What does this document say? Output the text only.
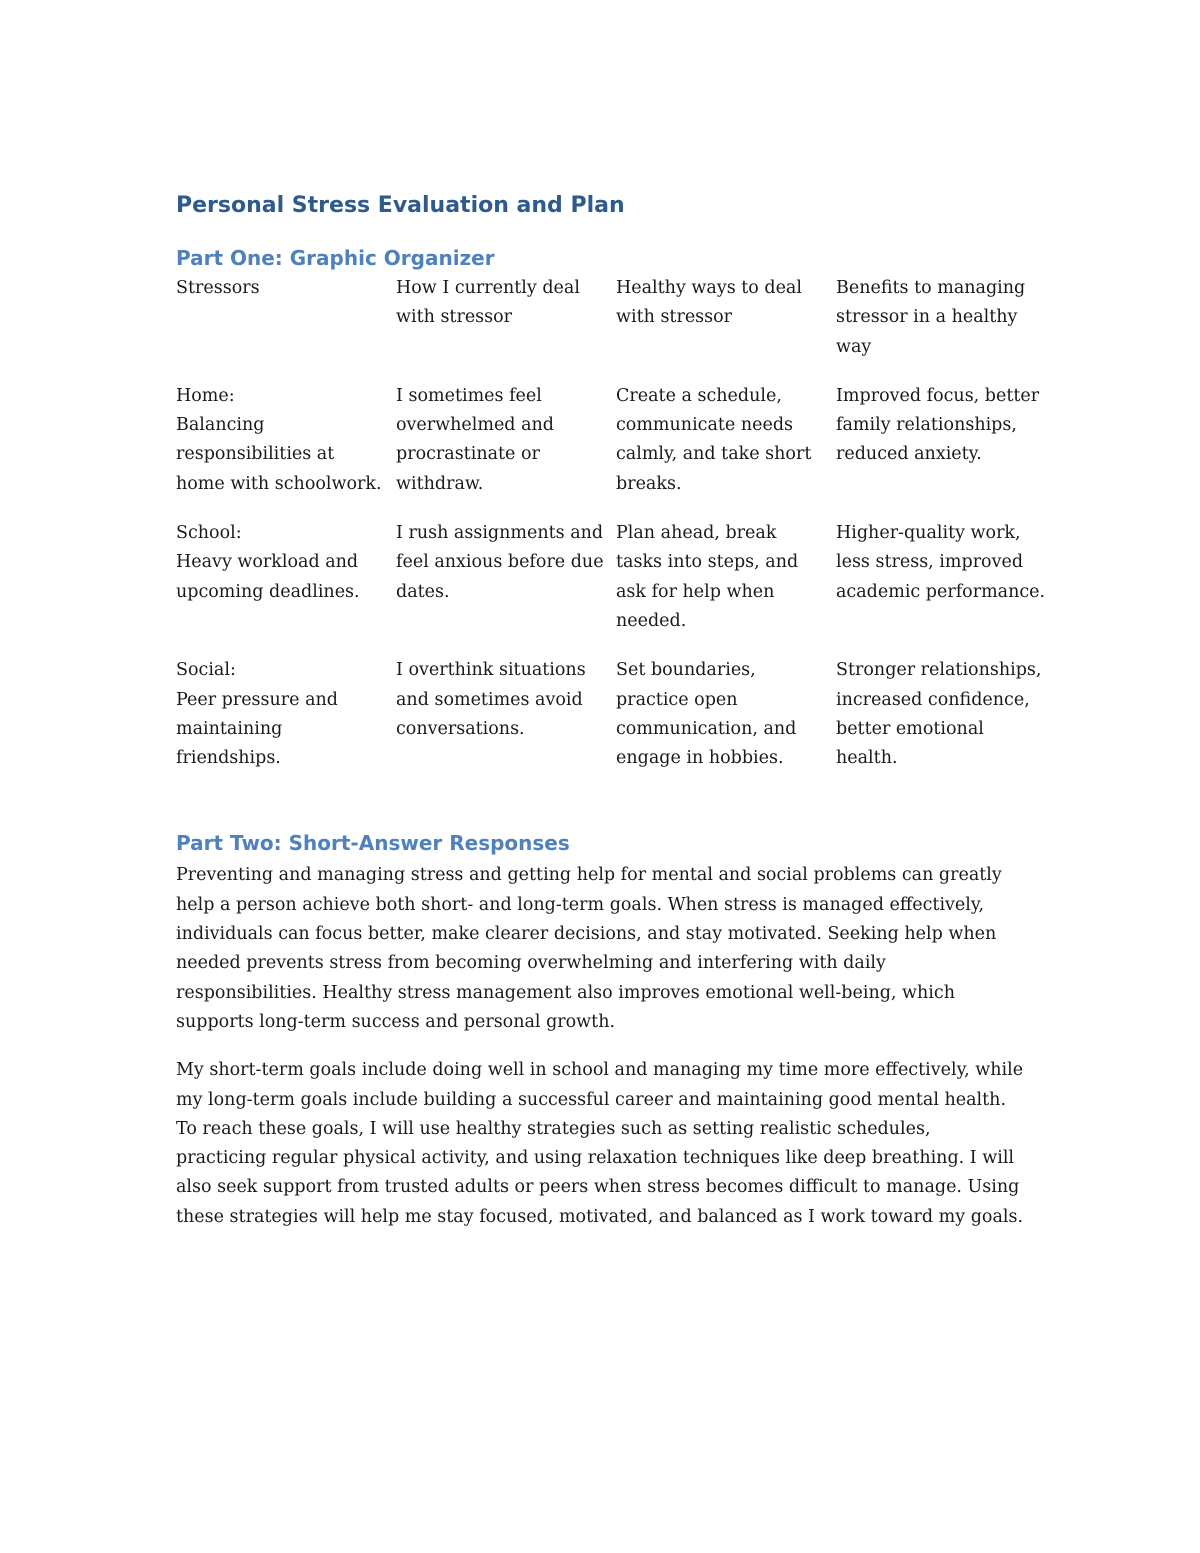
Personal Stress Evaluation and Plan
Part One: Graphic Organizer
Stressors	How I currently deal with stressor	Healthy ways to deal with stressor	Benefits to managing stressor in a healthy way

Home:
Balancing responsibilities at home with schoolwork.	I sometimes feel overwhelmed and procrastinate or withdraw.	Create a schedule, communicate needs calmly, and take short breaks.	Improved focus, better family relationships, reduced anxiety.

School:
Heavy workload and upcoming deadlines.	I rush assignments and feel anxious before due dates.	Plan ahead, break tasks into steps, and ask for help when needed.	Higher-quality work, less stress, improved academic performance.

Social:
Peer pressure and maintaining friendships.	I overthink situations and sometimes avoid conversations.	Set boundaries, practice open communication, and engage in hobbies.	Stronger relationships, increased confidence, better emotional health.
Part Two: Short-Answer Responses

Preventing and managing stress and getting help for mental and social problems can greatly help a person achieve both short- and long-term goals. When stress is managed effectively, individuals can focus better, make clearer decisions, and stay motivated. Seeking help when needed prevents stress from becoming overwhelming and interfering with daily responsibilities. Healthy stress management also improves emotional well-being, which supports long-term success and personal growth.

My short-term goals include doing well in school and managing my time more effectively, while my long-term goals include building a successful career and maintaining good mental health. To reach these goals, I will use healthy strategies such as setting realistic schedules, practicing regular physical activity, and using relaxation techniques like deep breathing. I will also seek support from trusted adults or peers when stress becomes difficult to manage. Using these strategies will help me stay focused, motivated, and balanced as I work toward my goals.
